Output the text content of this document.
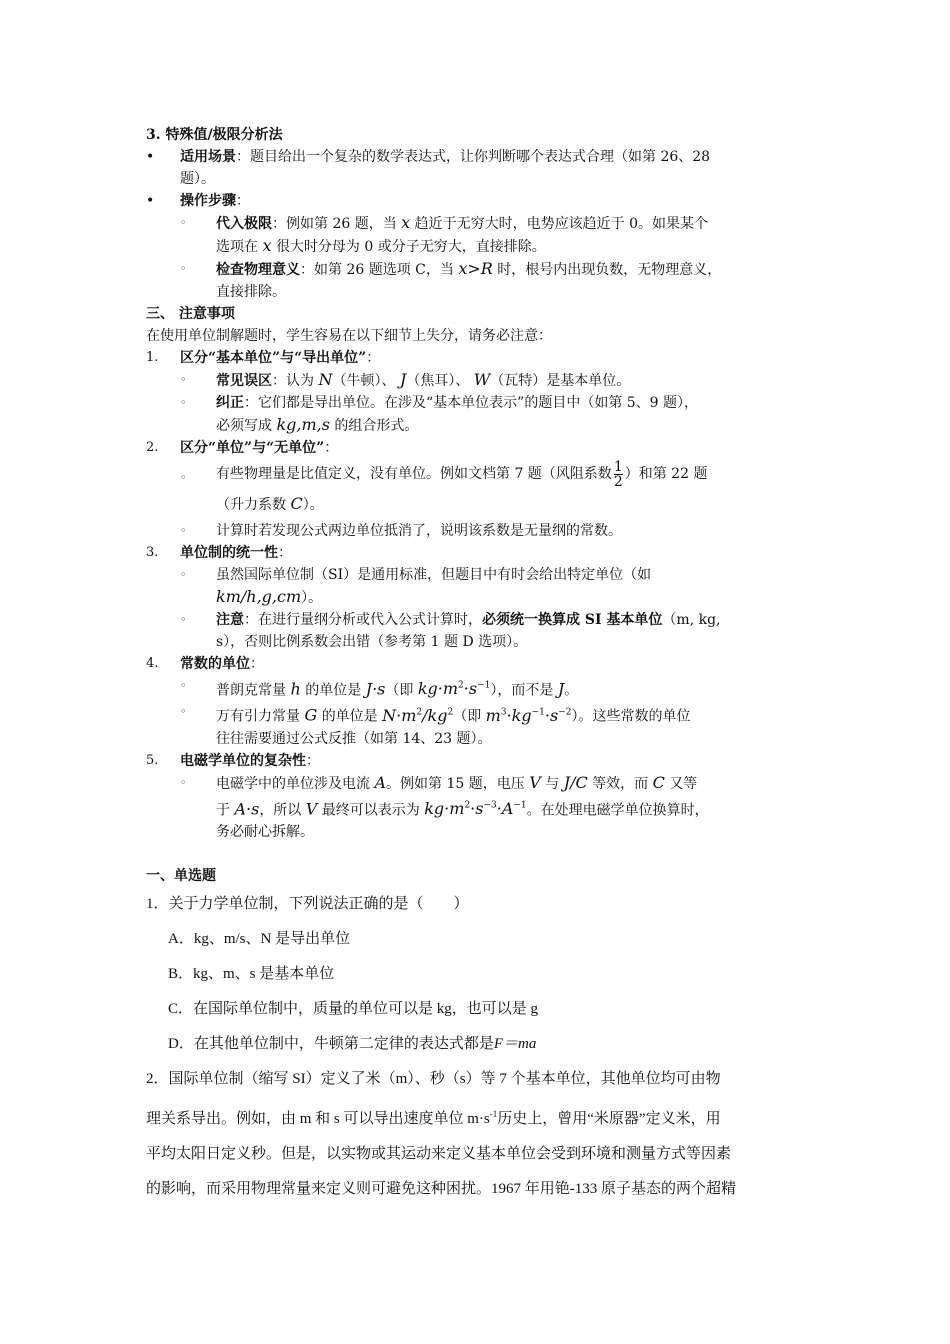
3. 特殊值/极限分析法
• 适用场景：题目给出一个复杂的数学表达式，让你判断哪个表达式合理（如第 26、28
题）。
• 操作步骤：
◦ 代入极限：例如第 26 题，当 x 趋近于无穷大时，电势应该趋近于 0。如果某个
选项在 x 很大时分母为 0 或分子无穷大，直接排除。
◦ 检查物理意义：如第 26 题选项 C，当 x>R 时，根号内出现负数，无物理意义，
直接排除。
三、 注意事项
在使用单位制解题时，学生容易在以下细节上失分，请务必注意：
1. 区分“基本单位”与“导出单位”：
◦ 常见误区：认为 N（牛顿）、 J（焦耳）、 W（瓦特）是基本单位。
◦ 纠正：它们都是导出单位。在涉及“基本单位表示”的题目中（如第 5、9 题），
必须写成 kg,m,s 的组合形式。
2. 区分“单位”与“无单位”：
◦ 有些物理量是比值定义，没有单位。例如文档第 7 题（风阻系数 $\frac{1}{2}$ ）和第 22 题
（升力系数 C）。
◦ 计算时若发现公式两边单位抵消了，说明该系数是无量纲的常数。
3. 单位制的统一性：
◦ 虽然国际单位制（SI）是通用标准，但题目中有时会给出特定单位（如
km/h,g,cm）。
◦ 注意：在进行量纲分析或代入公式计算时，必须统一换算成 SI 基本单位（m, kg,
s），否则比例系数会出错（参考第 1 题 D 选项）。
4. 常数的单位：
◦ 普朗克常量 h 的单位是 J·s（即 $kg\cdot m^2\cdot s^{-1}$），而不是 J。
◦ 万有引力常量 G 的单位是 $N\cdot m^2/kg^2$（即 $m^3\cdot kg^{-1}\cdot s^{-2}$）。这些常数的单位
往往需要通过公式反推（如第 14、23 题）。
5. 电磁学单位的复杂性：
◦ 电磁学中的单位涉及电流 A。例如第 15 题，电压 V 与 J/C 等效，而 C 又等
于 A·s，所以 V 最终可以表示为 $kg\cdot m^2\cdot s^{-3}\cdot A^{-1}$。在处理电磁学单位换算时，
务必耐心拆解。
一、单选题
1．关于力学单位制，下列说法正确的是（　　）
A．kg、m/s、N 是导出单位
B．kg、m、s 是基本单位
C．在国际单位制中，质量的单位可以是 kg，也可以是 g
D．在其他单位制中，牛顿第二定律的表达式都是F＝ma
2．国际单位制（缩写 SI）定义了米（m）、秒（s）等 7 个基本单位，其他单位均可由物
理关系导出。例如，由 m 和 s 可以导出速度单位 $m\cdot s^{-1}$历史上，曾用“米原器”定义米，用
平均太阳日定义秒。但是，以实物或其运动来定义基本单位会受到环境和测量方式等因素
的影响，而采用物理常量来定义则可避免这种困扰。1967 年用铯-133 原子基态的两个超精
